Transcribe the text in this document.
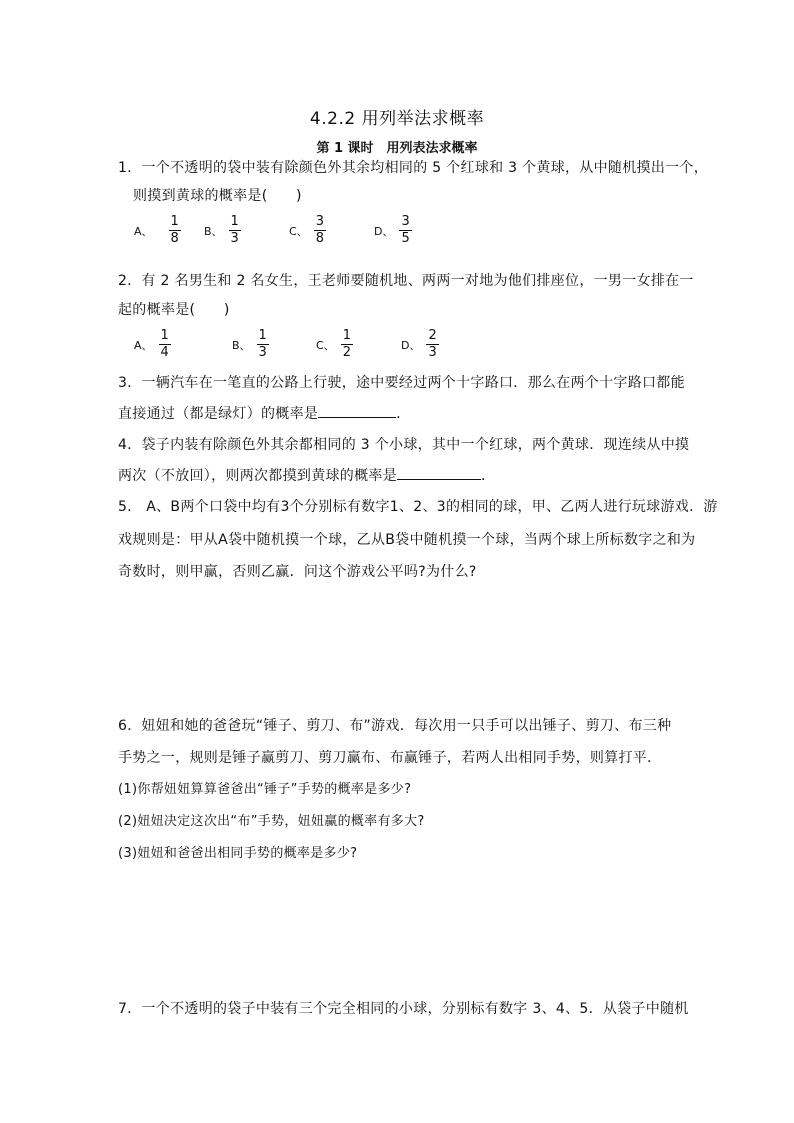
4.2.2 用列举法求概率
第 1 课时　用列表法求概率
1．一个不透明的袋中装有除颜色外其余均相同的 5 个红球和 3 个黄球，从中随机摸出一个，
则摸到黄球的概率是(　　)
A、 $\frac{1}{8}$ B、 $\frac{1}{3}$	C、 $\frac{3}{8}$	D、 $\frac{3}{5}$
2．有 2 名男生和 2 名女生，王老师要随机地、两两一对地为他们排座位，一男一女排在一
起的概率是(　　)
A、 $\frac{1}{4}$	B、 $\frac{1}{3}$	C、 $\frac{1}{2}$	D、 $\frac{2}{3}$
3．一辆汽车在一笔直的公路上行驶，途中要经过两个十字路口．那么在两个十字路口都能
直接通过（都是绿灯）的概率是	．
4．袋子内装有除颜色外其余都相同的 3 个小球，其中一个红球，两个黄球．现连续从中摸
两次（不放回），则两次都摸到黄球的概率是	．
5． A、B两个口袋中均有3个分别标有数字1、2、3的相同的球，甲、乙两人进行玩球游戏．游
戏规则是：甲从A袋中随机摸一个球，乙从B袋中随机摸一个球，当两个球上所标数字之和为
奇数时，则甲赢，否则乙赢．问这个游戏公平吗?为什么?
6．妞妞和她的爸爸玩“锤子、剪刀、布”游戏．每次用一只手可以出锤子、剪刀、布三种
手势之一，规则是锤子赢剪刀、剪刀赢布、布赢锤子，若两人出相同手势，则算打平．
(1)你帮妞妞算算爸爸出“锤子”手势的概率是多少?
(2)妞妞决定这次出“布”手势，妞妞赢的概率有多大?
(3)妞妞和爸爸出相同手势的概率是多少?
7．一个不透明的袋子中装有三个完全相同的小球，分别标有数字 3、4、5．从袋子中随机
